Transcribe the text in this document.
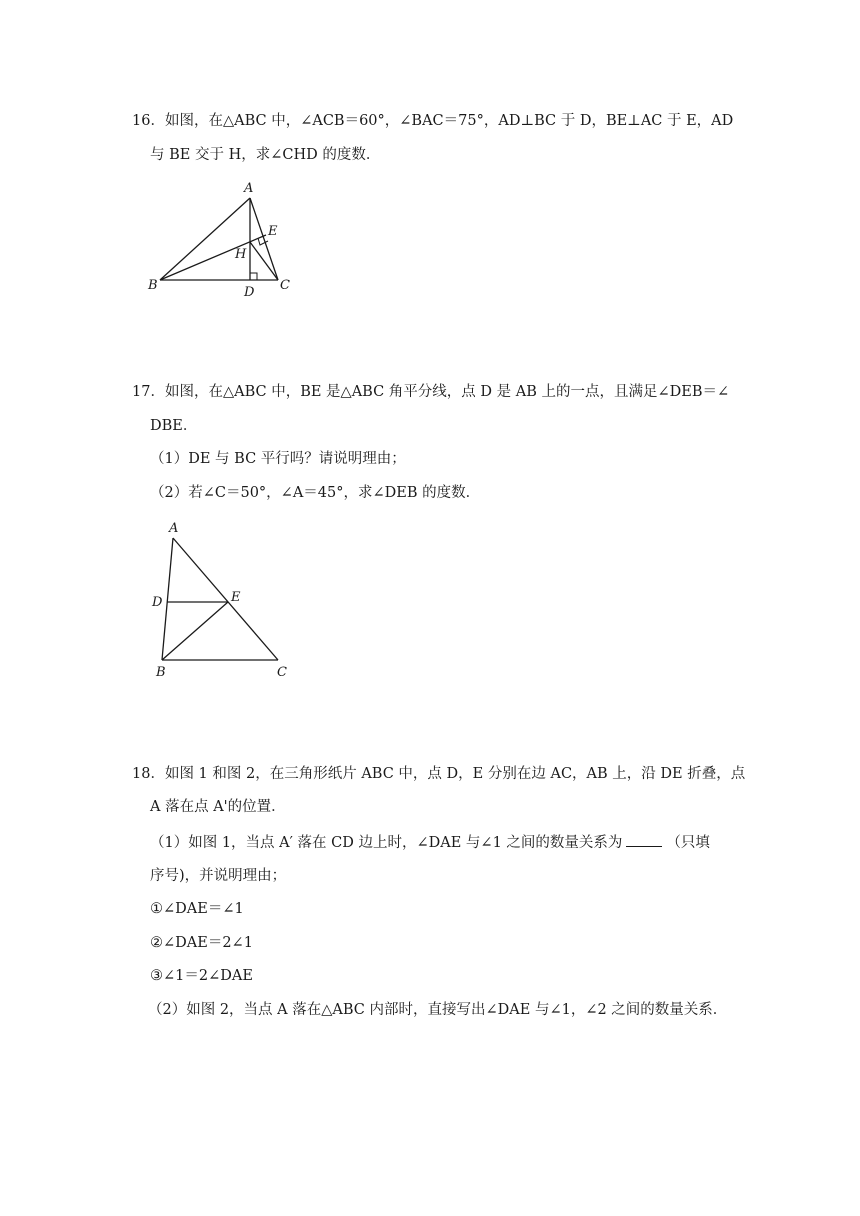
16．如图，在△ABC 中，∠ACB＝60°，∠BAC＝75°，AD⊥BC 于 D，BE⊥AC 于 E，AD
与 BE 交于 H，求∠CHD 的度数．
A
B	C
D
E
H
17．如图，在△ABC 中，BE 是△ABC 角平分线，点 D 是 AB 上的一点，且满足∠DEB＝∠
DBE．
（1）DE 与 BC 平行吗？请说明理由；
（2）若∠C＝50°，∠A＝45°，求∠DEB 的度数．
A
D	E
B	C
18．如图 1 和图 2，在三角形纸片 ABC 中，点 D，E 分别在边 AC，AB 上，沿 DE 折叠，点
A 落在点 A'的位置．
（1）如图 1，当点 A′ 落在 CD 边上时，∠DAE 与∠1 之间的数量关系为	（只填
序号)，并说明理由；
①∠DAE＝∠1
②∠DAE＝2∠1
③∠1＝2∠DAE
（2）如图 2，当点 A 落在△ABC 内部时，直接写出∠DAE 与∠1，∠2 之间的数量关系．
